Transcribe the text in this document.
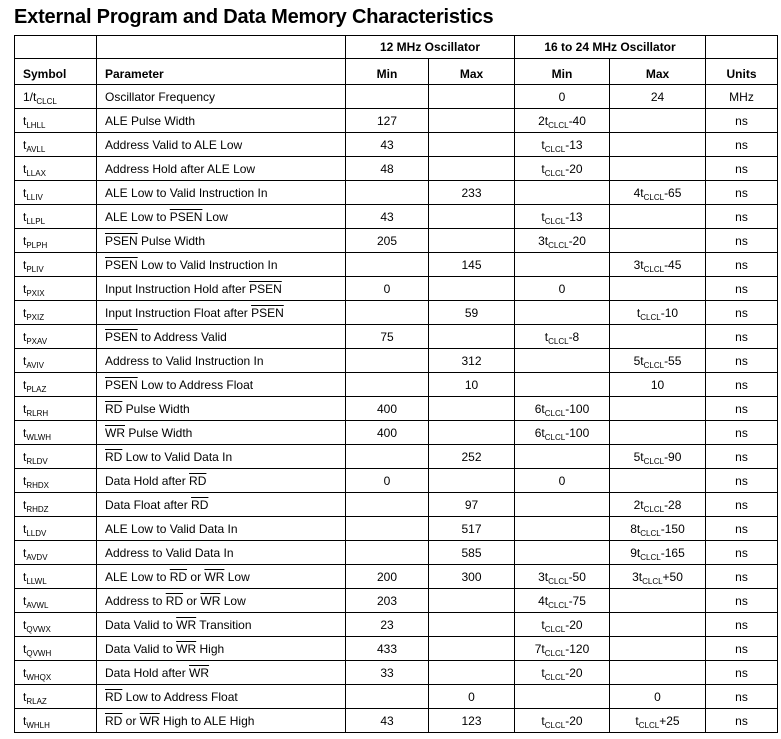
External Program and Data Memory Characteristics
		12 MHz Oscillator		16 to 24 MHz Oscillator		
Symbol	Parameter	Min	Max	Min	Max	Units
$1/t_{CLCL}$	Oscillator Frequency			0	24	MHz
$t_{LHLL}$	ALE Pulse Width	127		$2t_{CLCL}-40$		ns
$t_{AVLL}$	Address Valid to ALE Low	43		$t_{CLCL}-13$		ns
$t_{LLAX}$	Address Hold after ALE Low	48		$t_{CLCL}-20$		ns
$t_{LLIV}$	ALE Low to Valid Instruction In		233		$4t_{CLCL}-65$	ns
$t_{LLPL}$	ALE Low to PSEN Low	43		$t_{CLCL}-13$		ns
$t_{PLPH}$	PSEN Pulse Width	205		$3t_{CLCL}-20$		ns
$t_{PLIV}$	PSEN Low to Valid Instruction In		145		$3t_{CLCL}-45$	ns
$t_{PXIX}$	Input Instruction Hold after PSEN	0		0		ns
$t_{PXIZ}$	Input Instruction Float after PSEN		59		$t_{CLCL}-10$	ns
$t_{PXAV}$	PSEN to Address Valid	75		$t_{CLCL}-8$		ns
$t_{AVIV}$	Address to Valid Instruction In		312		$5t_{CLCL}-55$	ns
$t_{PLAZ}$	PSEN Low to Address Float		10		10	ns
$t_{RLRH}$	$\overline{RD}$ Pulse Width	400		$6t_{CLCL}-100$		ns
$t_{WLWH}$	$\overline{WR}$ Pulse Width	400		$6t_{CLCL}-100$		ns
$t_{RLDV}$	$\overline{RD}$ Low to Valid Data In		252		$5t_{CLCL}-90$	ns
$t_{RHDX}$	Data Hold after $\overline{RD}$	0		0		ns
$t_{RHDZ}$	Data Float after $\overline{RD}$		97		$2t_{CLCL}-28$	ns
$t_{LLDV}$	ALE Low to Valid Data In		517		$8t_{CLCL}-150$	ns
$t_{AVDV}$	Address to Valid Data In		585		$9t_{CLCL}-165$	ns
$t_{LLWL}$	ALE Low to $\overline{RD}$ or $\overline{WR}$ Low	200	300	$3t_{CLCL}-50$	$3t_{CLCL}+50$	ns
$t_{AVWL}$	Address to $\overline{RD}$ or $\overline{WR}$ Low	203		$4t_{CLCL}-75$		ns
$t_{QVWX}$	Data Valid to $\overline{WR}$ Transition	23		$t_{CLCL}-20$		ns
$t_{QVWH}$	Data Valid to $\overline{WR}$ High	433		$7t_{CLCL}-120$		ns
$t_{WHQX}$	Data Hold after $\overline{WR}$	33		$t_{CLCL}-20$		ns
$t_{RLAZ}$	$\overline{RD}$ Low to Address Float		0		0	ns
$t_{WHLH}$	$\overline{RD}$ or $\overline{WR}$ High to ALE High	43	123	$t_{CLCL}-20$	$t_{CLCL}+25$	ns
